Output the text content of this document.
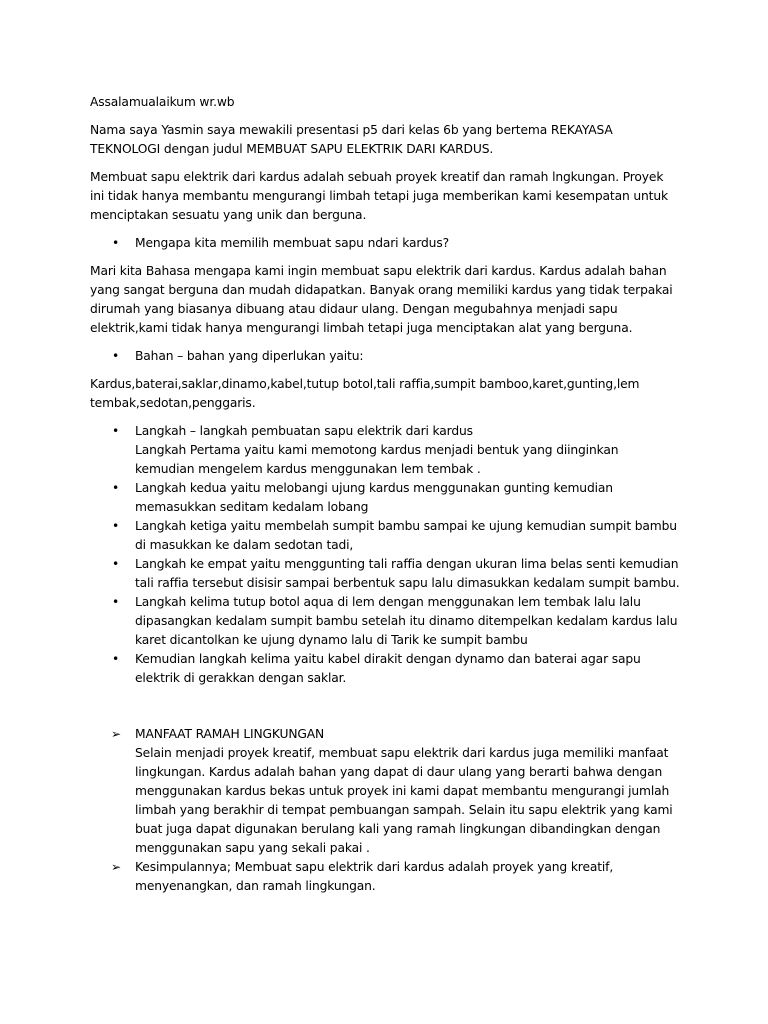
Assalamualaikum wr.wb

Nama saya Yasmin saya mewakili presentasi p5 dari kelas 6b yang bertema REKAYASA TEKNOLOGI dengan judul MEMBUAT SAPU ELEKTRIK DARI KARDUS.

Membuat sapu elektrik dari kardus adalah sebuah proyek kreatif dan ramah lngkungan. Proyek ini tidak hanya membantu mengurangi limbah tetapi juga memberikan kami kesempatan untuk menciptakan sesuatu yang unik dan berguna.

• Mengapa kita memilih membuat sapu ndari kardus?

Mari kita Bahasa mengapa kami ingin membuat sapu elektrik dari kardus. Kardus adalah bahan yang sangat berguna dan mudah didapatkan. Banyak orang memiliki kardus yang tidak terpakai dirumah yang biasanya dibuang atau didaur ulang. Dengan megubahnya menjadi sapu elektrik,kami tidak hanya mengurangi limbah tetapi juga menciptakan alat yang berguna.

• Bahan – bahan yang diperlukan yaitu:

Kardus,baterai,saklar,dinamo,kabel,tutup botol,tali raffia,sumpit bamboo,karet,gunting,lem tembak,sedotan,penggaris.

• Langkah – langkah pembuatan sapu elektrik dari kardus
Langkah Pertama yaitu kami memotong kardus menjadi bentuk yang diinginkan kemudian mengelem kardus menggunakan lem tembak .
• Langkah kedua yaitu melobangi ujung kardus menggunakan gunting kemudian memasukkan seditam kedalam lobang
• Langkah ketiga yaitu membelah sumpit bambu sampai ke ujung kemudian sumpit bambu di masukkan ke dalam sedotan tadi,
• Langkah ke empat yaitu menggunting tali raffia dengan ukuran lima belas senti kemudian tali raffia tersebut disisir sampai berbentuk sapu lalu dimasukkan kedalam sumpit bambu.
• Langkah kelima tutup botol aqua di lem dengan menggunakan lem tembak lalu lalu dipasangkan kedalam sumpit bambu setelah itu dinamo ditempelkan kedalam kardus lalu karet dicantolkan ke ujung dynamo lalu di Tarik ke sumpit bambu
• Kemudian langkah kelima yaitu kabel dirakit dengan dynamo dan baterai agar sapu elektrik di gerakkan dengan saklar.
➢ MANFAAT RAMAH LINGKUNGAN
Selain menjadi proyek kreatif, membuat sapu elektrik dari kardus juga memiliki manfaat lingkungan. Kardus adalah bahan yang dapat di daur ulang yang berarti bahwa dengan menggunakan kardus bekas untuk proyek ini kami dapat membantu mengurangi jumlah limbah yang berakhir di tempat pembuangan sampah. Selain itu sapu elektrik yang kami buat juga dapat digunakan berulang kali yang ramah lingkungan dibandingkan dengan menggunakan sapu yang sekali pakai .
➢ Kesimpulannya; Membuat sapu elektrik dari kardus adalah proyek yang kreatif, menyenangkan, dan ramah lingkungan.
